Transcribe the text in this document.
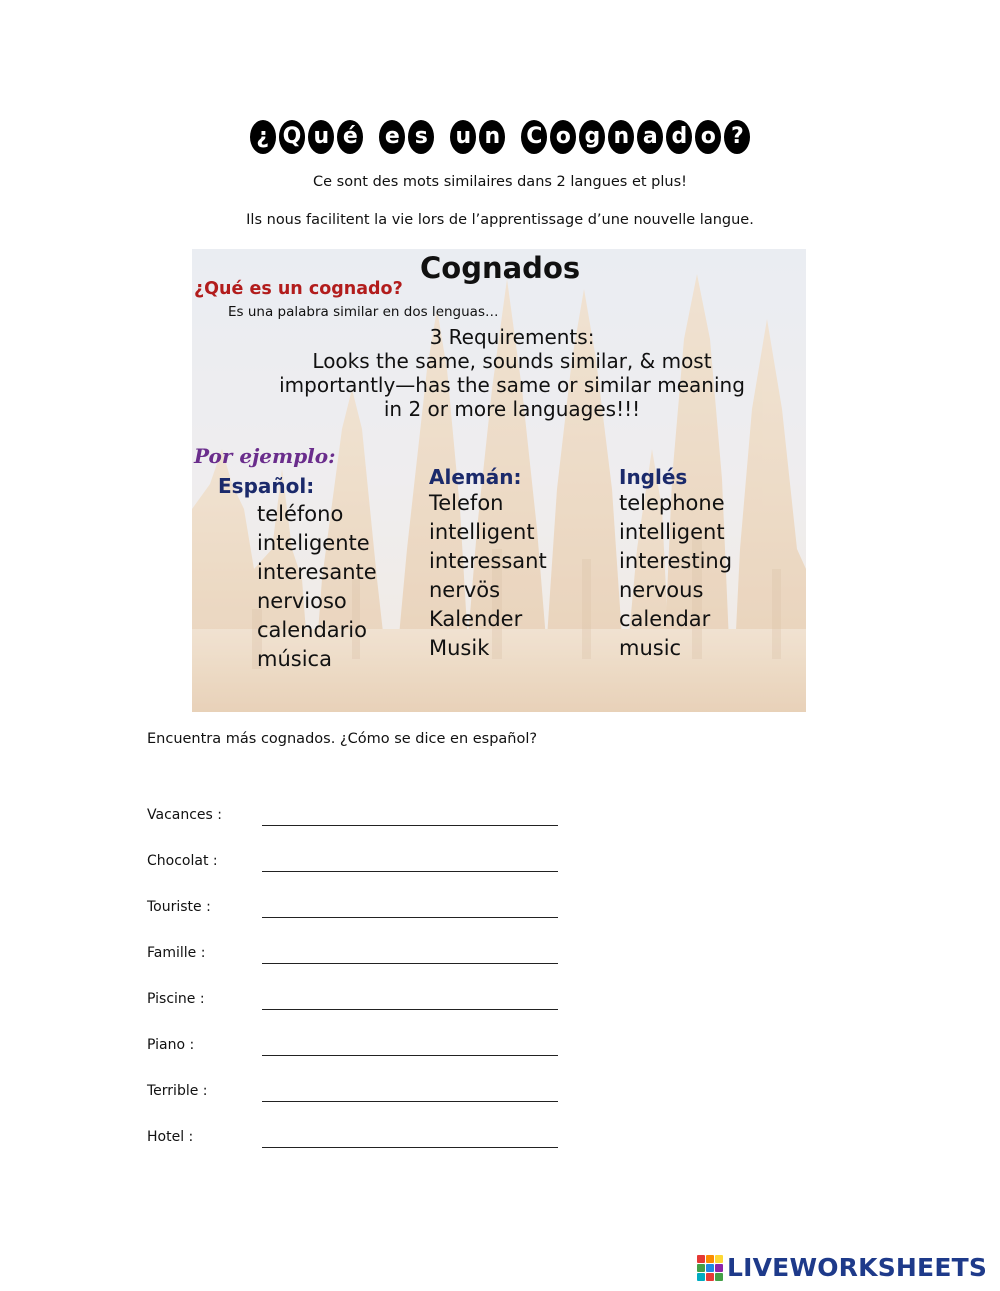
¿ Q u é e s u n C o g n a d o ?
Ce sont des mots similaires dans 2 langues et plus!
Ils nous facilitent la vie lors de l’apprentissage d’une nouvelle langue.
Cognados
¿Qué es un cognado?
Es una palabra similar en dos lenguas…
3 Requirements:
Looks the same, sounds similar, & most
importantly—has the same or similar meaning
in 2 or more languages!!!
Por ejemplo:
Español:
teléfono
inteligente
interesante
nervioso
calendario
música
Alemán:
Telefon
intelligent
interessant
nervös
Kalender
Musik
Inglés
telephone
intelligent
interesting
nervous
calendar
music
Encuentra más cognados. ¿Cómo se dice en español?
Vacances :
Chocolat :
Touriste :
Famille :
Piscine :
Piano :
Terrible :
Hotel :
LIVEWORKSHEETS
